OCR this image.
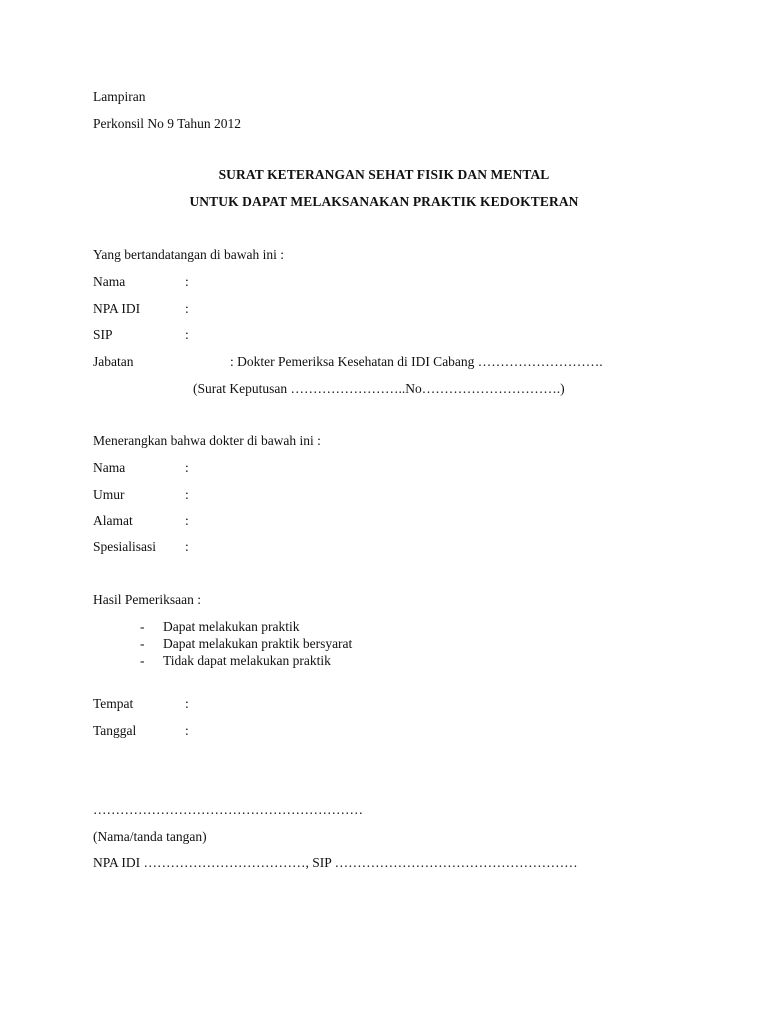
Lampiran
Perkonsil No 9 Tahun 2012
SURAT KETERANGAN SEHAT FISIK DAN MENTAL
UNTUK DAPAT MELAKSANAKAN PRAKTIK KEDOKTERAN
Yang bertandatangan di bawah ini :
Nama	:
NPA IDI	:
SIP	:
Jabatan	: Dokter Pemeriksa Kesehatan di IDI Cabang ……………………….
(Surat Keputusan ……………………..No………………………….)
Menerangkan bahwa dokter di bawah ini :
Nama	:
Umur	:
Alamat	:
Spesialisasi :
Hasil Pemeriksaan :
- Dapat melakukan praktik
- Dapat melakukan praktik bersyarat
- Tidak dapat melakukan praktik
Tempat	:
Tanggal	:
……………………………………………………
(Nama/tanda tangan)
NPA IDI ………………………………, SIP ………………………………………………
